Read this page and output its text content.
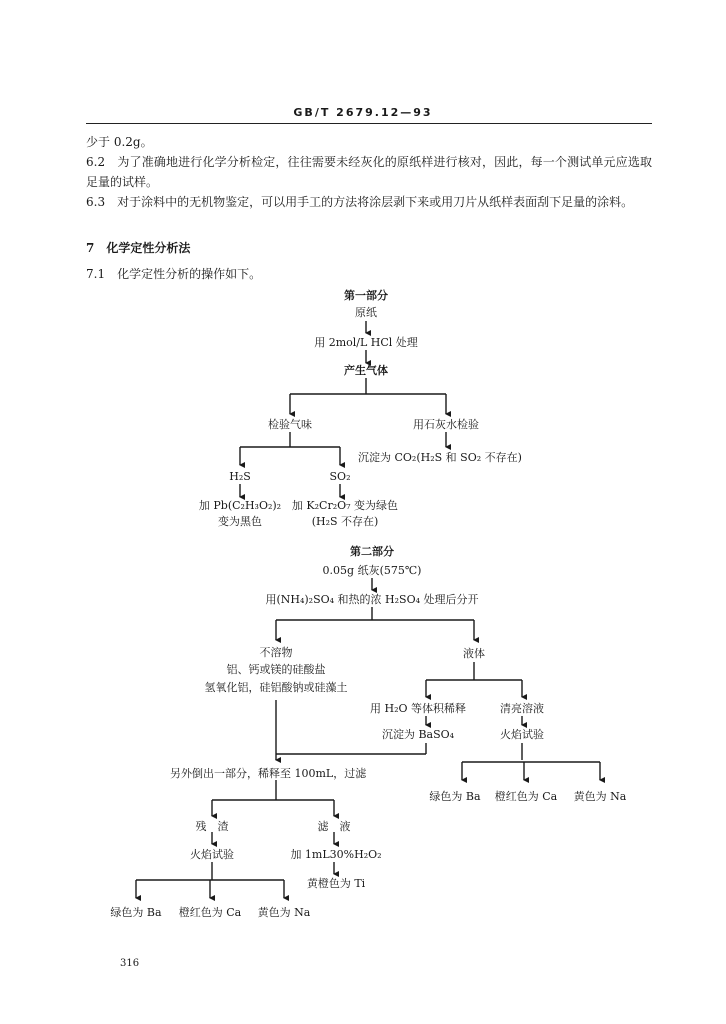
GB/T 2679.12—93
少于 0.2g。
6.2　为了准确地进行化学分析检定，往往需要未经灰化的原纸样进行核对，因此，每一个测试单元应选取足量的试样。
6.3　对于涂料中的无机物鉴定，可以用手工的方法将涂层剥下来或用刀片从纸样表面刮下足量的涂料。
7　化学定性分析法
7.1　化学定性分析的操作如下。
第一部分
原纸
用 2mol/L HCl 处理
产生气体
检验气味	用石灰水检验
沉淀为 CO₂(H₂S 和 SO₂ 不存在)
H₂S	SO₂
加 Pb(C₂H₃O₂)₂
变为黑色
加 K₂Cr₂O₇ 变为绿色
(H₂S 不存在)
第二部分
0.05g 纸灰(575℃)
用(NH₄)₂SO₄ 和热的浓 H₂SO₄ 处理后分开
不溶物
铝、钙或镁的硅酸盐
氢氧化铝，硅铝酸钠或硅藻土
液体
用 H₂O 等体积稀释	清亮溶液
沉淀为 BaSO₄	火焰试验
绿色为 Ba 橙红色为 Ca 黄色为 Na
另外倒出一部分，稀释至 100mL，过滤
残　渣	滤　液
火焰试验	加 1mL30%H₂O₂
黄橙色为 Ti
绿色为 Ba 橙红色为 Ca 黄色为 Na
316
